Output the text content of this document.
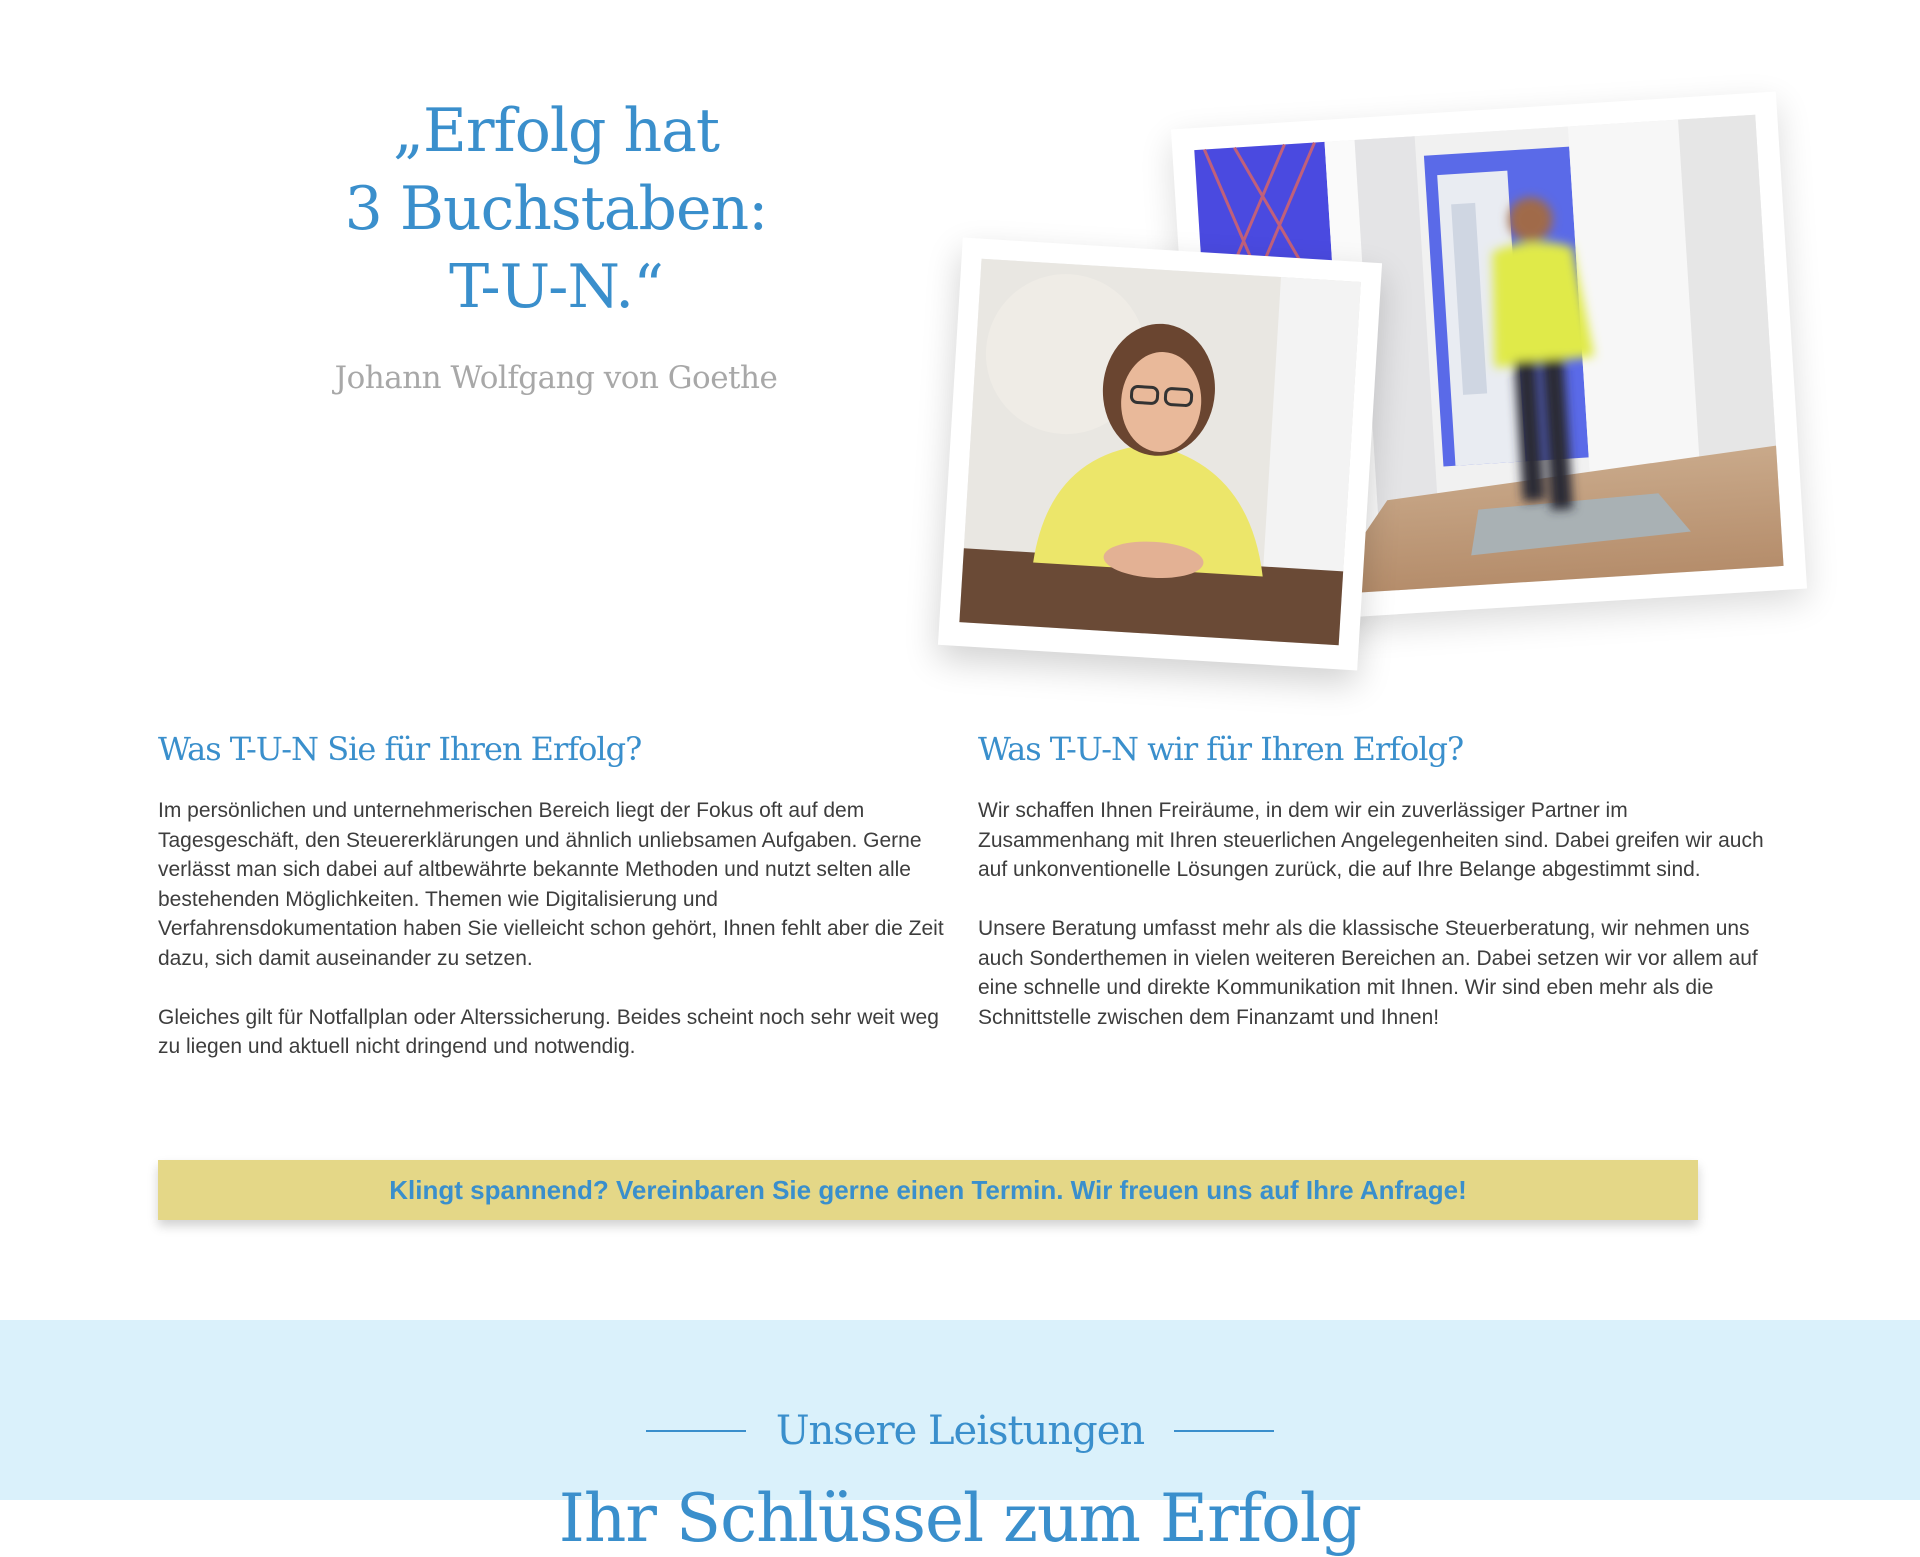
„Erfolg hat
3 Buchstaben:
T-U-N.“
Johann Wolfgang von Goethe
Was T-U-N Sie für Ihren Erfolg?

Im persönlichen und unternehmerischen Bereich liegt der Fokus oft auf dem Tagesgeschäft, den Steuererklärungen und ähnlich unliebsamen Aufgaben. Gerne verlässt man sich dabei auf altbewährte bekannte Methoden und nutzt selten alle bestehenden Möglichkeiten. Themen wie Digitalisierung und Verfahrensdokumentation haben Sie vielleicht schon gehört, Ihnen fehlt aber die Zeit dazu, sich damit auseinander zu setzen.

Gleiches gilt für Notfallplan oder Alterssicherung. Beides scheint noch sehr weit weg zu liegen und aktuell nicht dringend und notwendig.

Was T-U-N wir für Ihren Erfolg?

Wir schaffen Ihnen Freiräume, in dem wir ein zuverlässiger Partner im Zusammenhang mit Ihren steuerlichen Angelegenheiten sind. Dabei greifen wir auch auf unkonventionelle Lösungen zurück, die auf Ihre Belange abgestimmt sind.

Unsere Beratung umfasst mehr als die klassische Steuerberatung, wir nehmen uns auch Sonderthemen in vielen weiteren Bereichen an. Dabei setzen wir vor allem auf eine schnelle und direkte Kommunikation mit Ihnen. Wir sind eben mehr als die Schnittstelle zwischen dem Finanzamt und Ihnen!

Klingt spannend? Vereinbaren Sie gerne einen Termin. Wir freuen uns auf Ihre Anfrage!
Unsere Leistungen
Ihr Schlüssel zum Erfolg
